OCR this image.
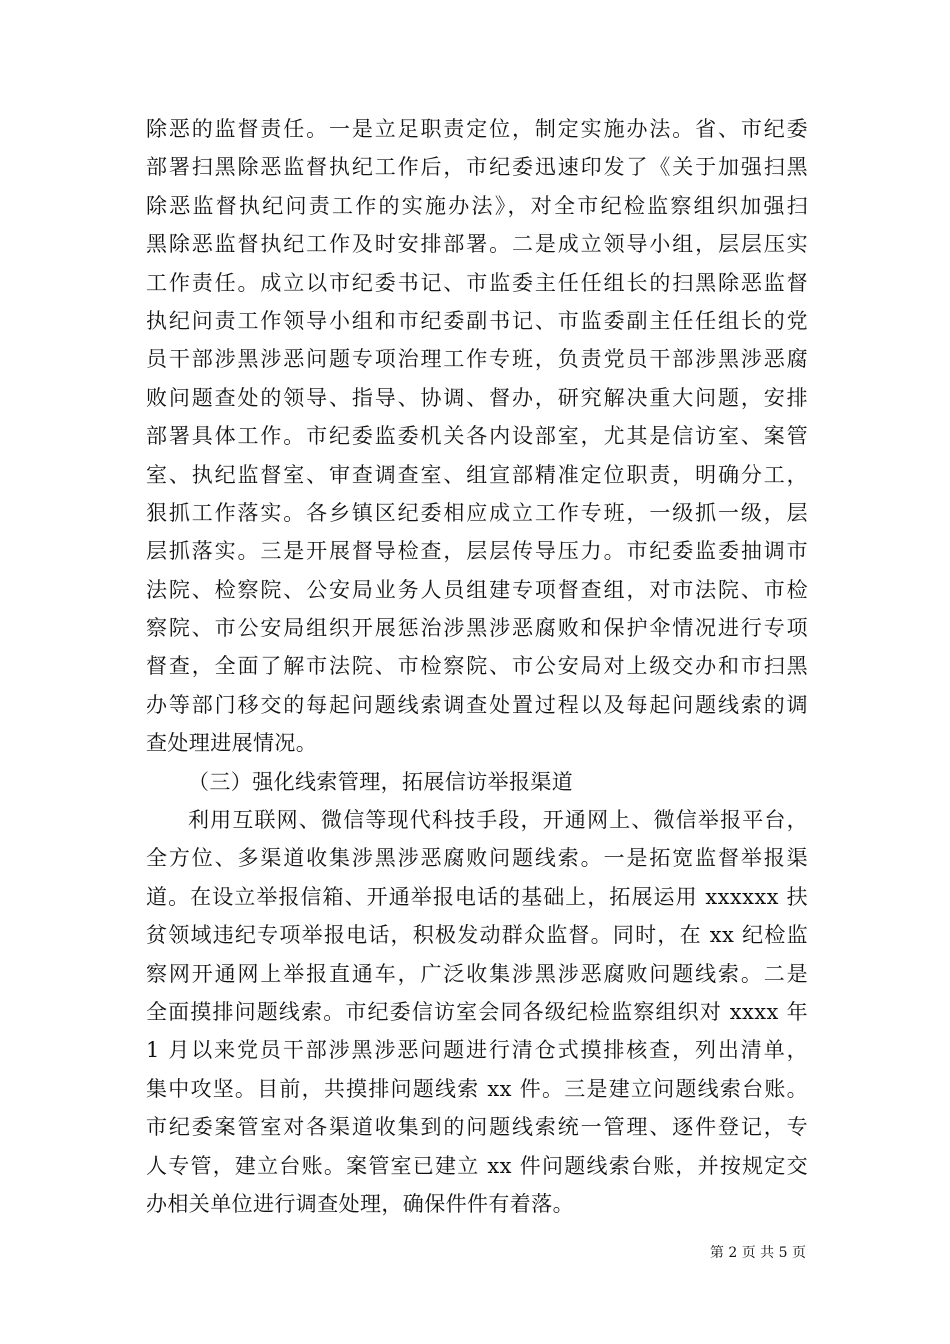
除恶的监督责任。一是立足职责定位，制定实施办法。省、市纪委
部署扫黑除恶监督执纪工作后，市纪委迅速印发了《关于加强扫黑
除恶监督执纪问责工作的实施办法》，对全市纪检监察组织加强扫
黑除恶监督执纪工作及时安排部署。二是成立领导小组，层层压实
工作责任。成立以市纪委书记、市监委主任任组长的扫黑除恶监督
执纪问责工作领导小组和市纪委副书记、市监委副主任任组长的党
员干部涉黑涉恶问题专项治理工作专班，负责党员干部涉黑涉恶腐
败问题查处的领导、指导、协调、督办，研究解决重大问题，安排
部署具体工作。市纪委监委机关各内设部室，尤其是信访室、案管
室、执纪监督室、审查调查室、组宣部精准定位职责，明确分工，
狠抓工作落实。各乡镇区纪委相应成立工作专班，一级抓一级，层
层抓落实。三是开展督导检查，层层传导压力。市纪委监委抽调市
法院、检察院、公安局业务人员组建专项督查组，对市法院、市检
察院、市公安局组织开展惩治涉黑涉恶腐败和保护伞情况进行专项
督查，全面了解市法院、市检察院、市公安局对上级交办和市扫黑
办等部门移交的每起问题线索调查处置过程以及每起问题线索的调
查处理进展情况。
（三）强化线索管理，拓展信访举报渠道
利用互联网、微信等现代科技手段，开通网上、微信举报平台，
全方位、多渠道收集涉黑涉恶腐败问题线索。一是拓宽监督举报渠
道。在设立举报信箱、开通举报电话的基础上，拓展运用 xxxxxx 扶
贫领域违纪专项举报电话，积极发动群众监督。同时，在 xx 纪检监
察网开通网上举报直通车，广泛收集涉黑涉恶腐败问题线索。二是
全面摸排问题线索。市纪委信访室会同各级纪检监察组织对 xxxx 年
1 月以来党员干部涉黑涉恶问题进行清仓式摸排核查，列出清单，
集中攻坚。目前，共摸排问题线索 xx 件。三是建立问题线索台账。
市纪委案管室对各渠道收集到的问题线索统一管理、逐件登记，专
人专管，建立台账。案管室已建立 xx 件问题线索台账，并按规定交
办相关单位进行调查处理，确保件件有着落。
第 2 页 共 5 页
